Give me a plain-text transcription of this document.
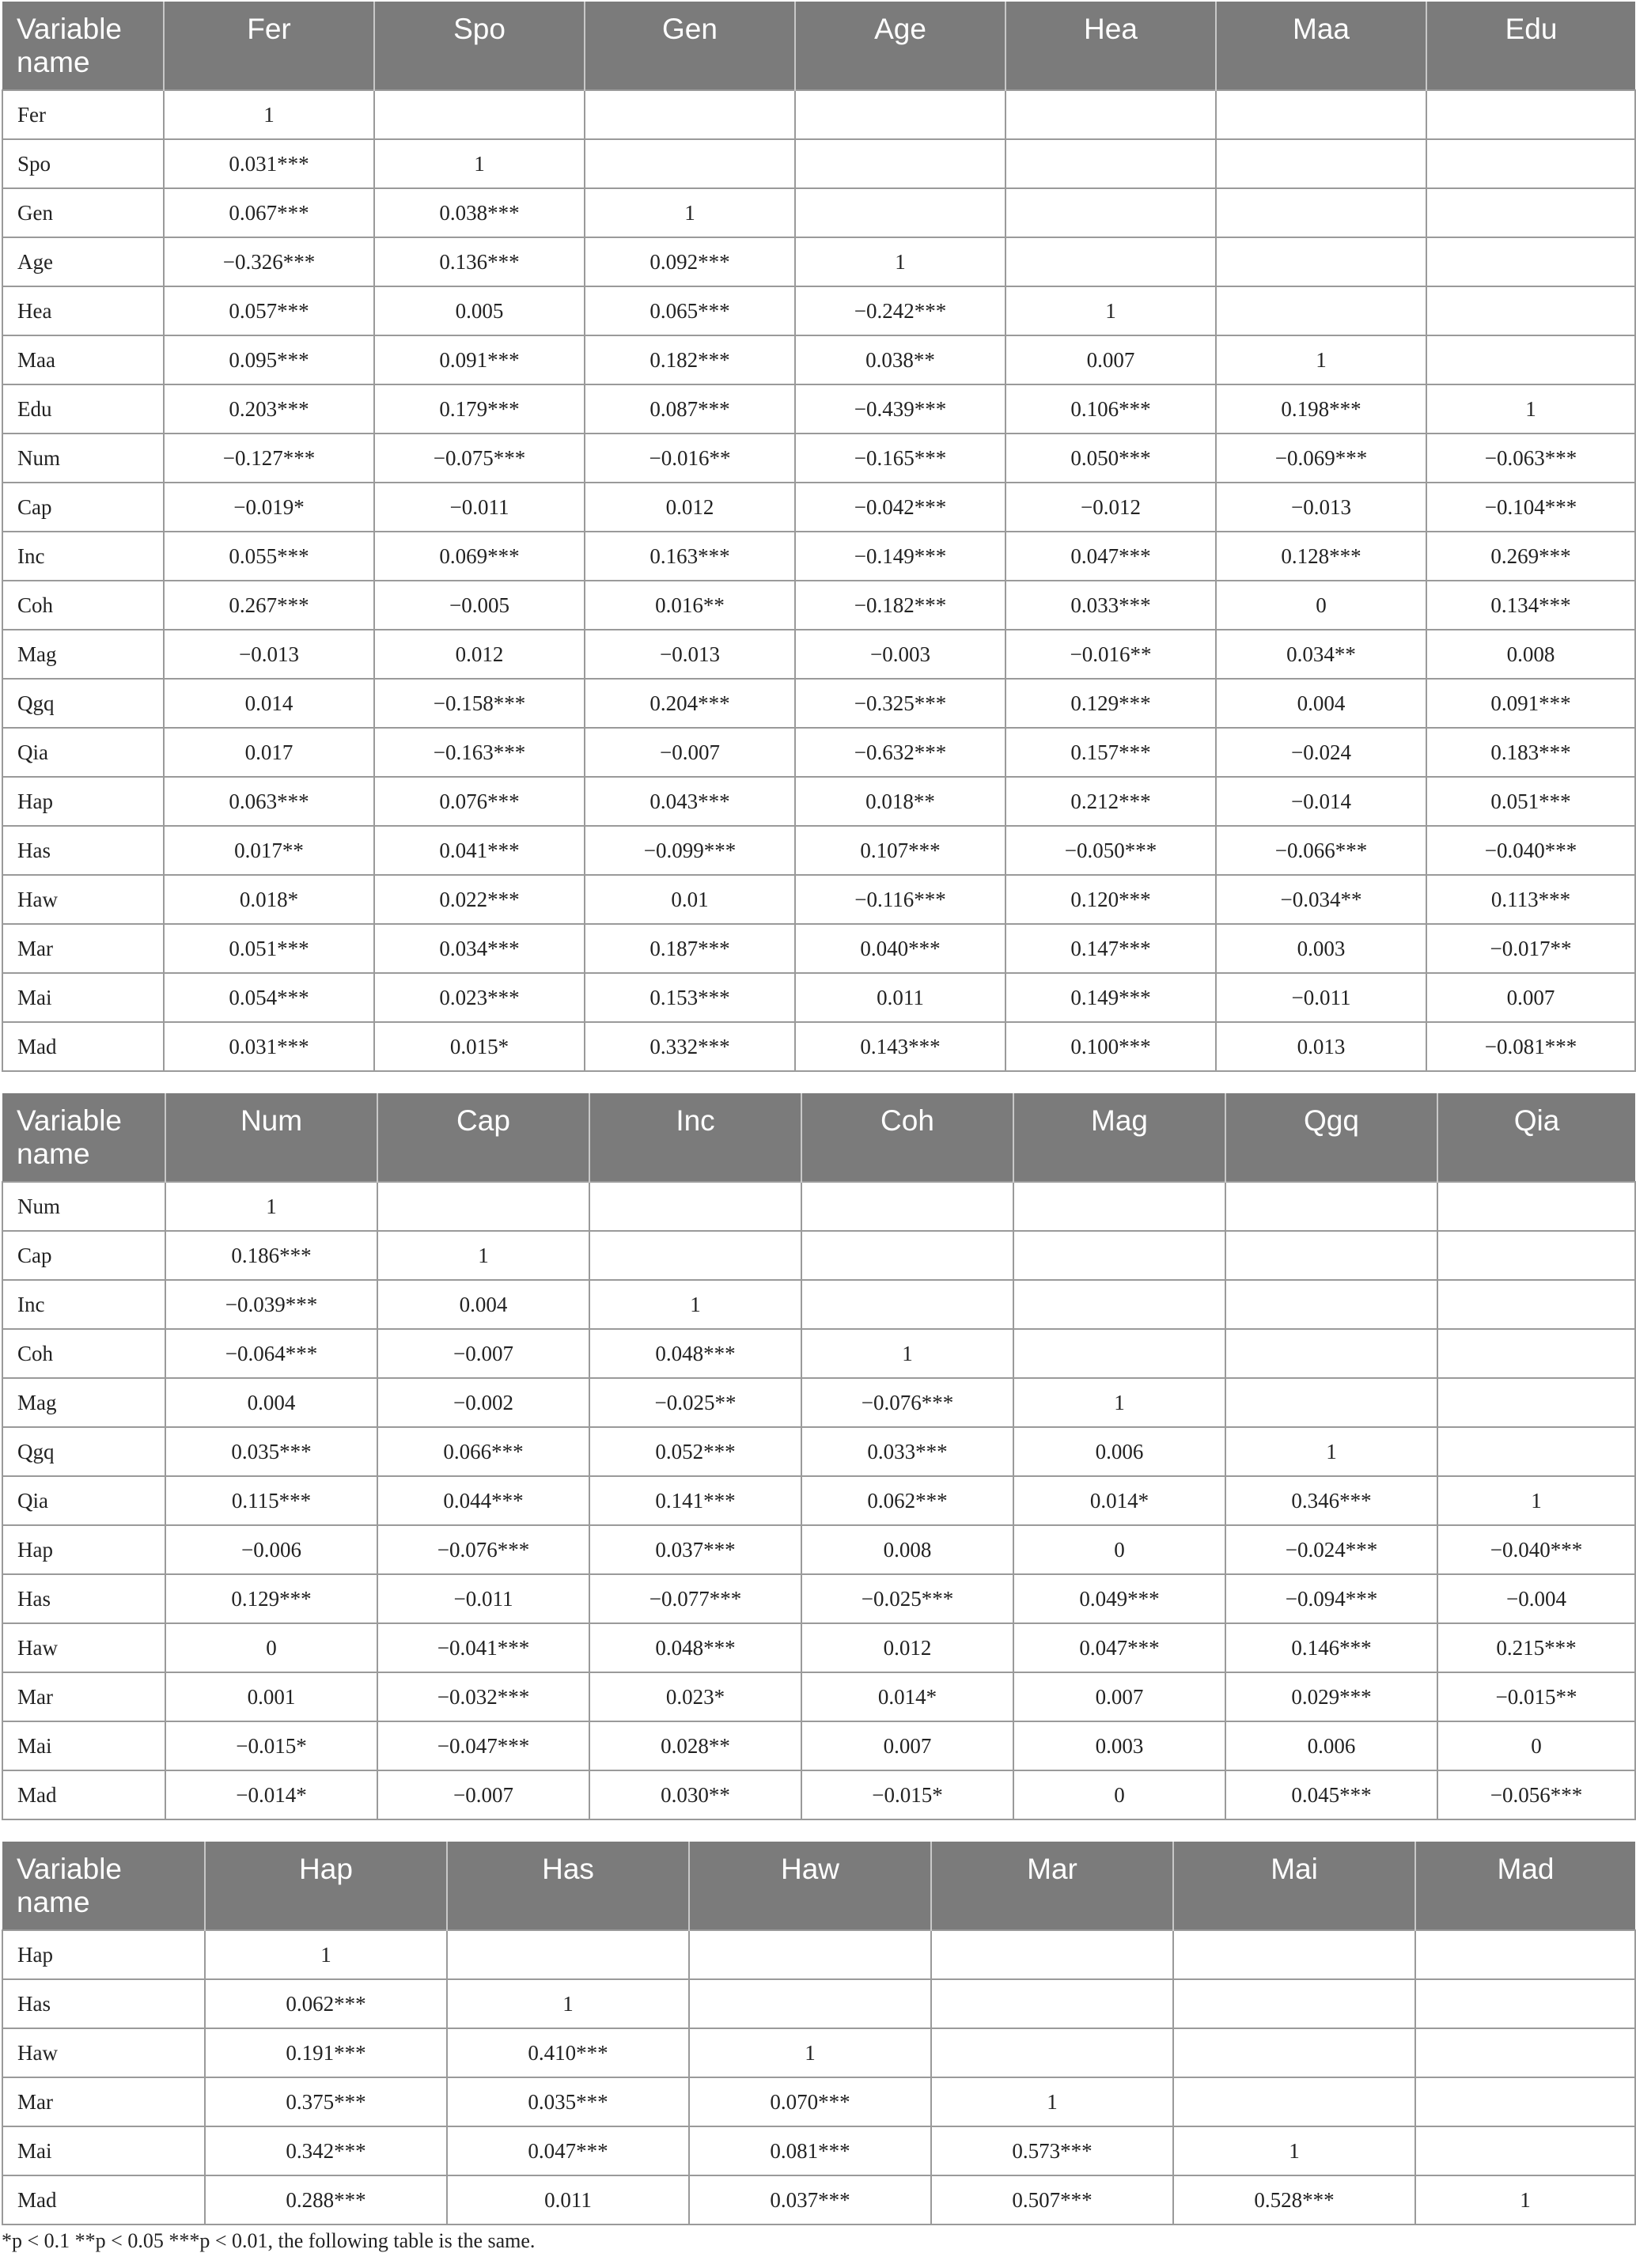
Variable
name	Fer	Spo	Gen	Age	Hea	Maa	Edu
Fer	1						
Spo	0.031***	1					
Gen	0.067***	0.038***	1				
Age	−0.326***	0.136***	0.092***	1			
Hea	0.057***	0.005	0.065***	−0.242***	1		
Maa	0.095***	0.091***	0.182***	0.038**	0.007	1	
Edu	0.203***	0.179***	0.087***	−0.439***	0.106***	0.198***	1
Num	−0.127***	−0.075***	−0.016**	−0.165***	0.050***	−0.069***	−0.063***
Cap	−0.019*	−0.011	0.012	−0.042***	−0.012	−0.013	−0.104***
Inc	0.055***	0.069***	0.163***	−0.149***	0.047***	0.128***	0.269***
Coh	0.267***	−0.005	0.016**	−0.182***	0.033***	0	0.134***
Mag	−0.013	0.012	−0.013	−0.003	−0.016**	0.034**	0.008
Qgq	0.014	−0.158***	0.204***	−0.325***	0.129***	0.004	0.091***
Qia	0.017	−0.163***	−0.007	−0.632***	0.157***	−0.024	0.183***
Hap	0.063***	0.076***	0.043***	0.018**	0.212***	−0.014	0.051***
Has	0.017**	0.041***	−0.099***	0.107***	−0.050***	−0.066***	−0.040***
Haw	0.018*	0.022***	0.01	−0.116***	0.120***	−0.034**	0.113***
Mar	0.051***	0.034***	0.187***	0.040***	0.147***	0.003	−0.017**
Mai	0.054***	0.023***	0.153***	0.011	0.149***	−0.011	0.007
Mad	0.031***	0.015*	0.332***	0.143***	0.100***	0.013	−0.081***
Variable
name	Num	Cap	Inc	Coh	Mag	Qgq	Qia
Num	1						
Cap	0.186***	1					
Inc	−0.039***	0.004	1				
Coh	−0.064***	−0.007	0.048***	1			
Mag	0.004	−0.002	−0.025**	−0.076***	1		
Qgq	0.035***	0.066***	0.052***	0.033***	0.006	1	
Qia	0.115***	0.044***	0.141***	0.062***	0.014*	0.346***	1
Hap	−0.006	−0.076***	0.037***	0.008	0	−0.024***	−0.040***
Has	0.129***	−0.011	−0.077***	−0.025***	0.049***	−0.094***	−0.004
Haw	0	−0.041***	0.048***	0.012	0.047***	0.146***	0.215***
Mar	0.001	−0.032***	0.023*	0.014*	0.007	0.029***	−0.015**
Mai	−0.015*	−0.047***	0.028**	0.007	0.003	0.006	0
Mad	−0.014*	−0.007	0.030**	−0.015*	0	0.045***	−0.056***
Variable
name	Hap	Has	Haw	Mar	Mai	Mad
Hap	1					
Has	0.062***	1				
Haw	0.191***	0.410***	1			
Mar	0.375***	0.035***	0.070***	1		
Mai	0.342***	0.047***	0.081***	0.573***	1	
Mad	0.288***	0.011	0.037***	0.507***	0.528***	1
*p < 0.1 **p < 0.05 ***p < 0.01, the following table is the same.
